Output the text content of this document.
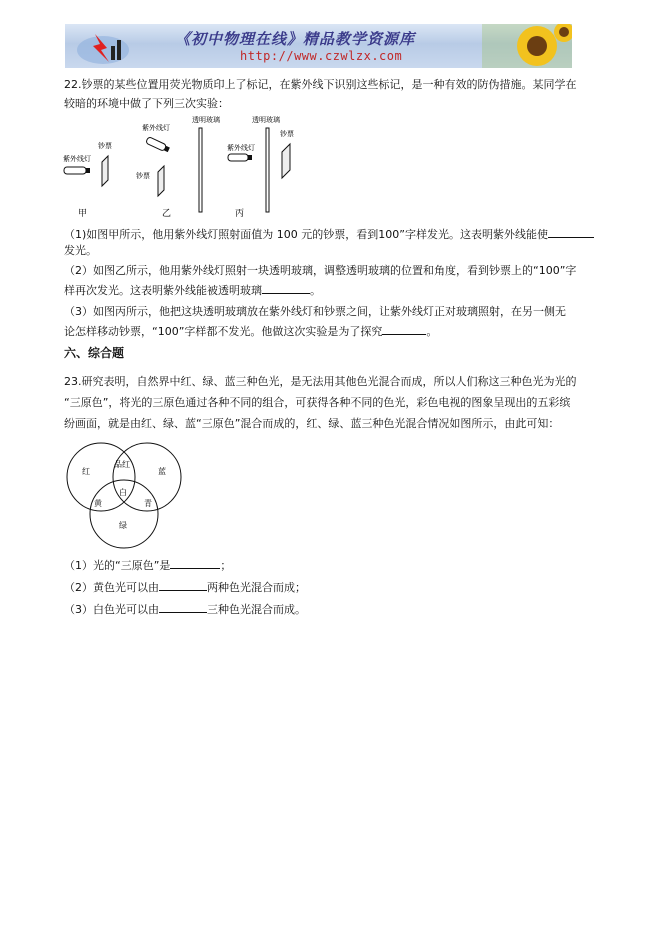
《初中物理在线》精品教学资源库
http://www.czwlzx.com
22.钞票的某些位置用荧光物质印上了标记，在紫外线下识别这些标记，是一种有效的防伪措施。某同学在
较暗的环境中做了下列三次实验：
紫外线灯
钞票
甲
紫外线灯
钞票
透明玻璃
乙
紫外线灯
透明玻璃
钞票
丙
（1)如图甲所示，他用紫外线灯照射面值为 100 元的钞票，看到100”字样发光。这表明紫外线能使
发光。
（2）如图乙所示，他用紫外线灯照射一块透明玻璃，调整透明玻璃的位置和角度，看到钞票上的“100”字
样再次发光。这表明紫外线能被透明玻璃	。
（3）如图丙所示，他把这块透明玻璃放在紫外线灯和钞票之间，让紫外线灯正对玻璃照射，在另一侧无
论怎样移动钞票，“100”字样都不发光。他做这次实验是为了探究	。
六、综合题
23.研究表明，自然界中红、绿、蓝三种色光，是无法用其他色光混合而成，所以人们称这三种色光为光的
“三原色”，将光的三原色通过各种不同的组合，可获得各种不同的色光，彩色电视的图象呈现出的五彩缤
纷画面，就是由红、绿、蓝“三原色”混合而成的，红、绿、蓝三种色光混合情况如图所示，由此可知：
红	蓝
品红
黄	青
白
绿
（1）光的“三原色”是	；
（2）黄色光可以由	两种色光混合而成；
（3）白色光可以由	三种色光混合而成。
